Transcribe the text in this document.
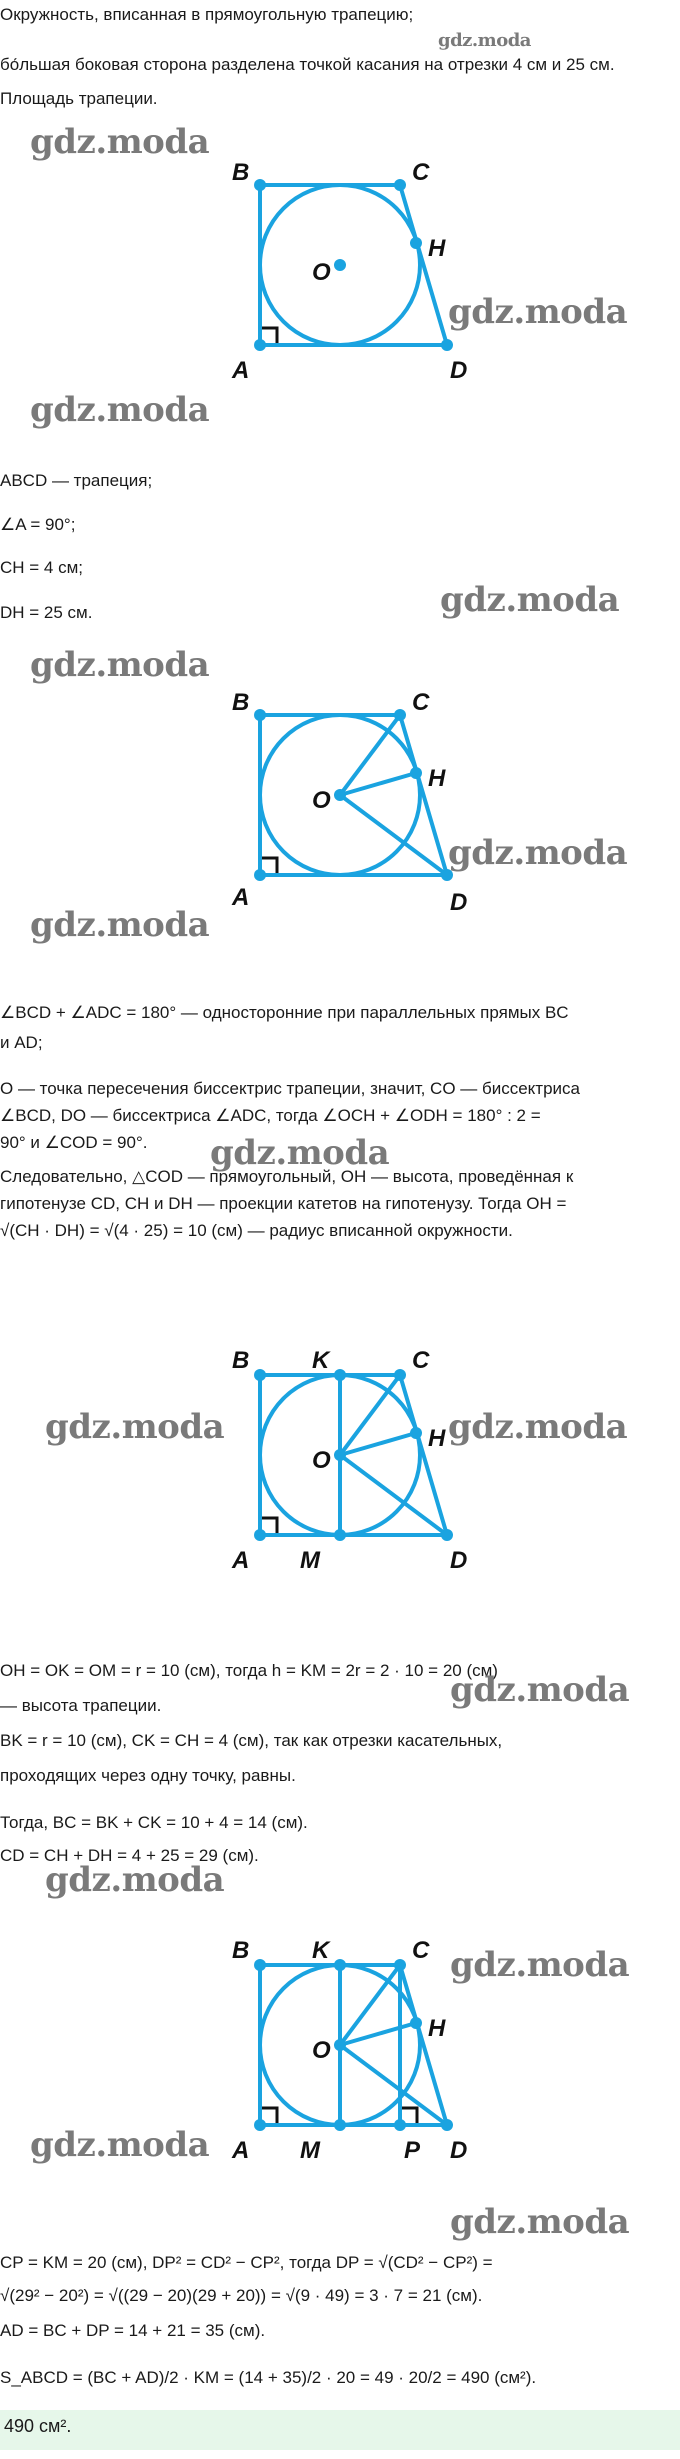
Окружность, вписанная в прямоугольную трапецию;
gdz.moda
бо́льшая боковая сторона разделена точкой касания на отрезки 4 см и 25 см.
Площадь трапеции.
B	C
H
O
A	D
gdz.moda
gdz.moda
gdz.moda
ABCD — трапеция;
∠A = 90°;
CH = 4 см;
DH = 25 см.	gdz.moda
B	C
H
O
A	D
gdz.moda
gdz.moda
gdz.moda
∠BCD + ∠ADC = 180° — односторонние при параллельных прямых BC
и AD;
O — точка пересечения биссектрис трапеции, значит, CO — биссектриса
∠BCD, DO — биссектриса ∠ADC, тогда ∠OCH + ∠ODH = 180° : 2 =
90° и ∠COD = 90°.	gdz.moda
Следовательно, △COD — прямоугольный, OH — высота, проведённая к
гипотенузе CD, CH и DH — проекции катетов на гипотенузу. Тогда OH =
√(CH · DH) = √(4 · 25) = 10 (см) — радиус вписанной окружности.
B	K	C
H
O
A M	D
gdz.moda	gdz.moda
OH = OK = OM = r = 10 (см), тогда h = KM = 2r = 2 · 10 = 20 (см)
— высота трапеции.	gdz.moda
BK = r = 10 (см), CK = CH = 4 (см), так как отрезки касательных,
проходящих через одну точку, равны.
Тогда, BC = BK + CK = 10 + 4 = 14 (см).
CD = CH + DH = 4 + 25 = 29 (см).
gdz.moda
B	K	C
H
O
A M	P D
gdz.moda
gdz.moda
gdz.moda
CP = KM = 20 (см), DP² = CD² − CP², тогда DP = √(CD² − CP²) =
√(29² − 20²) = √((29 − 20)(29 + 20)) = √(9 · 49) = 3 · 7 = 21 (см).
AD = BC + DP = 14 + 21 = 35 (см).
S_ABCD = (BC + AD)/2 · KM = (14 + 35)/2 · 20 = 49 · 20/2 = 490 (см²).
490 см².
